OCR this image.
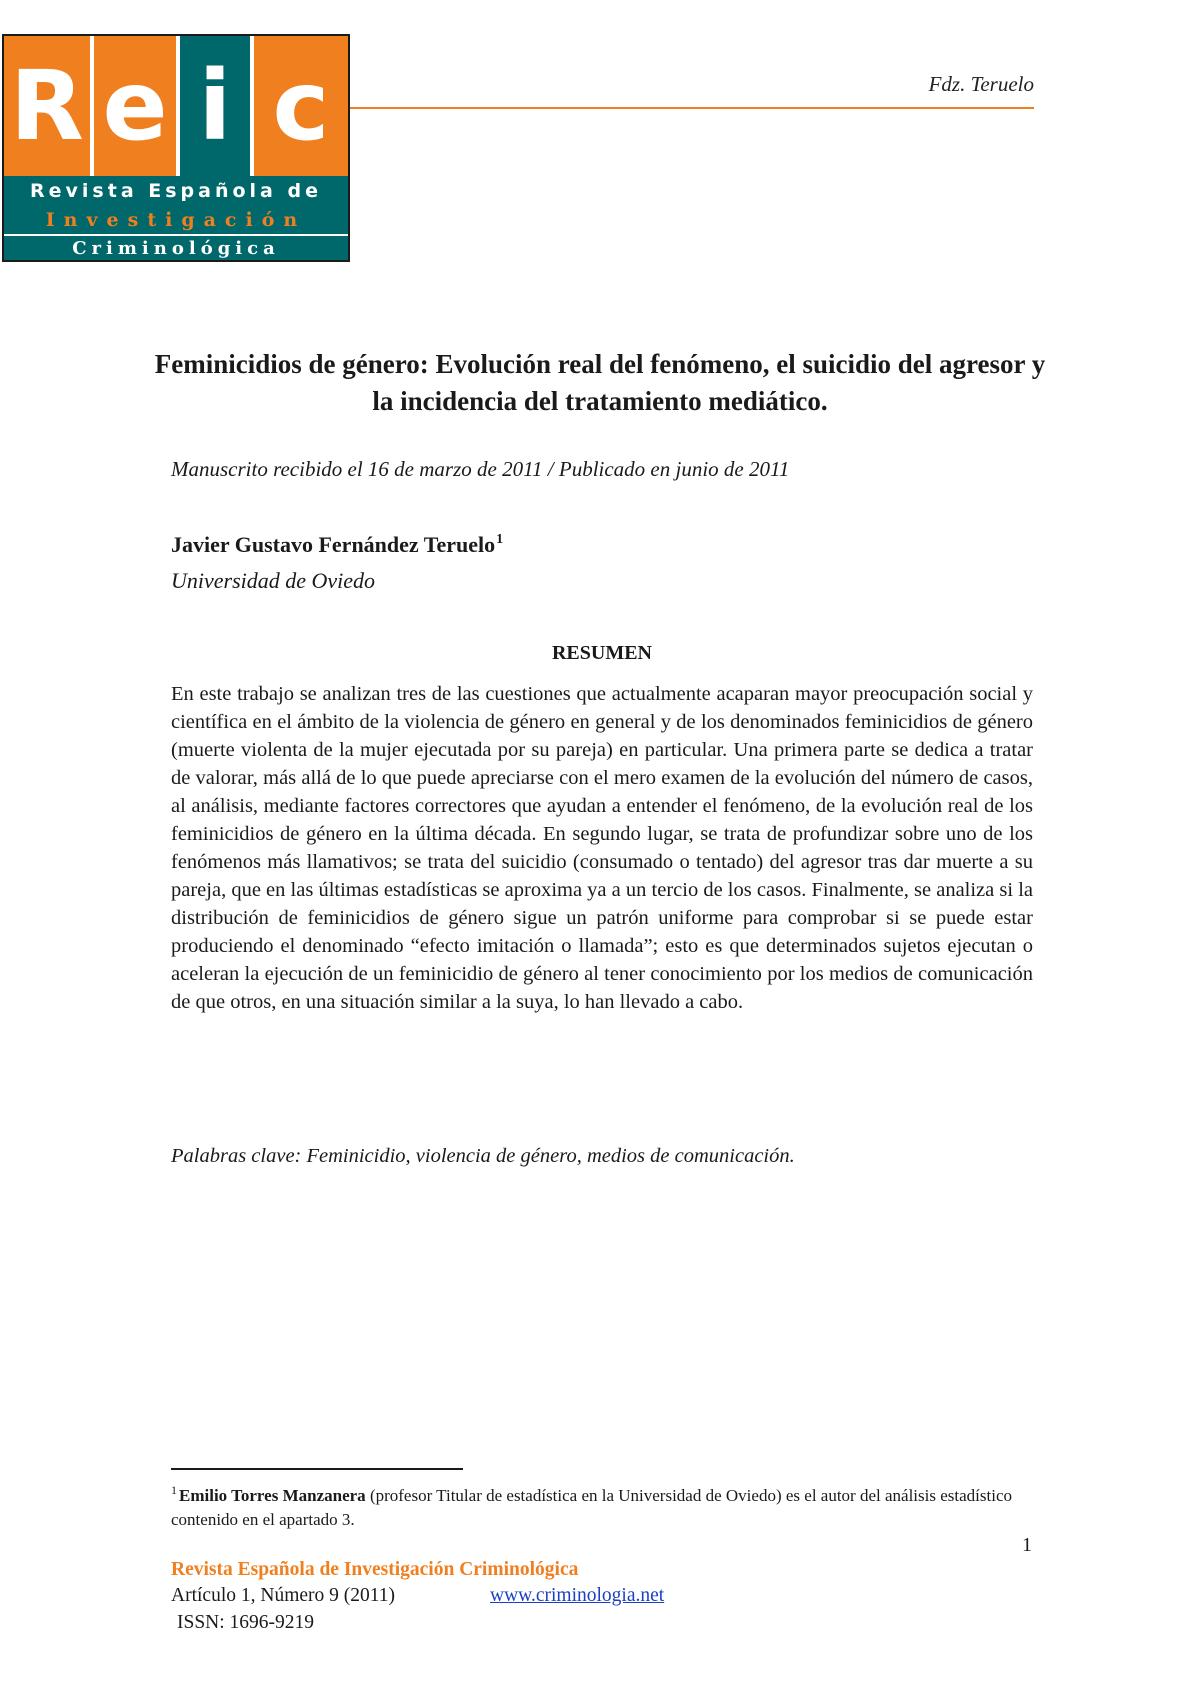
R e i c
Revista Española de
Investigación
Criminológica
Fdz. Teruelo
Feminicidios de género: Evolución real del fenómeno, el suicidio del agresor y la incidencia del tratamiento mediático.
Manuscrito recibido el 16 de marzo de 2011 / Publicado en junio de 2011
Javier Gustavo Fernández Teruelo$^1$
Universidad de Oviedo
RESUMEN

En este trabajo se analizan tres de las cuestiones que actualmente acaparan mayor preocupación social y científica en el ámbito de la violencia de género en general y de los denominados feminicidios de género (muerte violenta de la mujer ejecutada por su pareja) en particular. Una primera parte se dedica a tratar de valorar, más allá de lo que puede apreciarse con el mero examen de la evolución del número de casos, al análisis, mediante factores correctores que ayudan a entender el fenómeno, de la evolución real de los feminicidios de género en la última década. En segundo lugar, se trata de profundizar sobre uno de los fenómenos más llamativos; se trata del suicidio (consumado o tentado) del agresor tras dar muerte a su pareja, que en las últimas estadísticas se aproxima ya a un tercio de los casos. Finalmente, se analiza si la distribución de feminicidios de género sigue un patrón uniforme para comprobar si se puede estar produciendo el denominado “efecto imitación o llamada”; esto es que determinados sujetos ejecutan o aceleran la ejecución de un feminicidio de género al tener conocimiento por los medios de comunicación de que otros, en una situación similar a la suya, lo han llevado a cabo.

Palabras clave: Feminicidio, violencia de género, medios de comunicación.

$^1$ Emilio Torres Manzanera (profesor Titular de estadística en la Universidad de Oviedo) es el autor del análisis estadístico contenido en el apartado 3.

1
Revista Española de Investigación Criminológica
Artículo 1, Número 9 (2011)	www.criminologia.net
ISSN: 1696-9219
